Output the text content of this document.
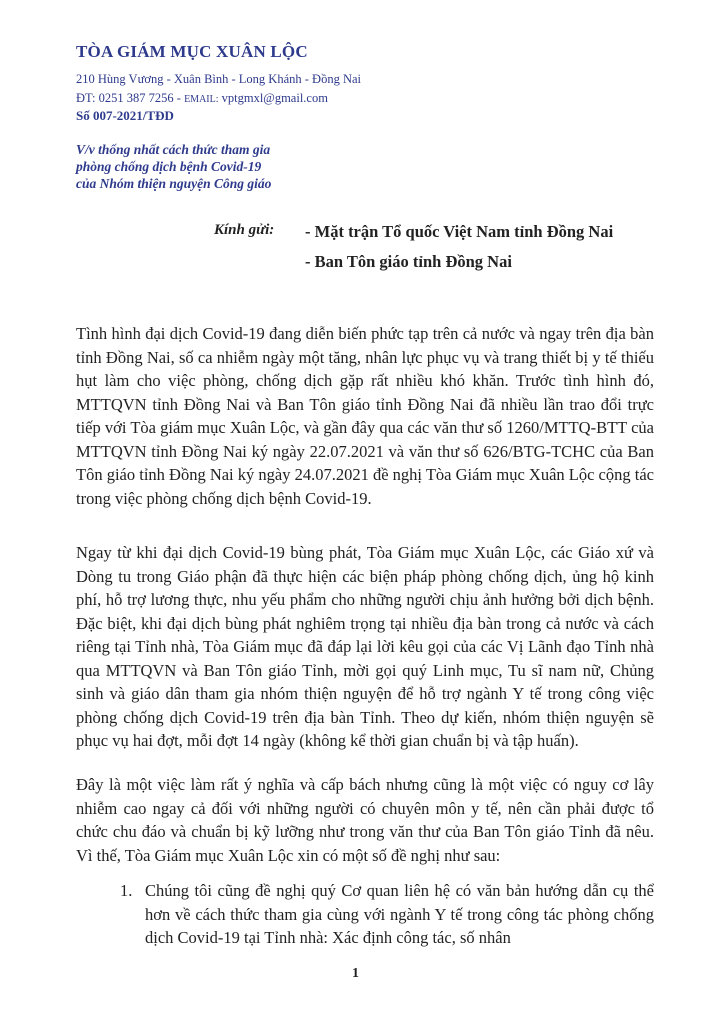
TÒA GIÁM MỤC XUÂN LỘC
210 Hùng Vương - Xuân Bình - Long Khánh - Đồng Nai
ĐT: 0251 387 7256 - EMAIL: vptgmxl@gmail.com
Số 007-2021/TĐD
V/v thống nhất cách thức tham gia
phòng chống dịch bệnh Covid-19
của Nhóm thiện nguyện Công giáo
Kính gửi:	- Mặt trận Tổ quốc Việt Nam tỉnh Đồng Nai
- Ban Tôn giáo tỉnh Đồng Nai

Tình hình đại dịch Covid-19 đang diễn biến phức tạp trên cả nước và ngay trên địa bàn tỉnh Đồng Nai, số ca nhiễm ngày một tăng, nhân lực phục vụ và trang thiết bị y tế thiếu hụt làm cho việc phòng, chống dịch gặp rất nhiều khó khăn. Trước tình hình đó, MTTQVN tỉnh Đồng Nai và Ban Tôn giáo tỉnh Đồng Nai đã nhiều lần trao đổi trực tiếp với Tòa giám mục Xuân Lộc, và gần đây qua các văn thư số 1260/MTTQ-BTT của MTTQVN tỉnh Đồng Nai ký ngày 22.07.2021 và văn thư số 626/BTG-TCHC của Ban Tôn giáo tỉnh Đồng Nai ký ngày 24.07.2021 đề nghị Tòa Giám mục Xuân Lộc cộng tác trong việc phòng chống dịch bệnh Covid-19.

Ngay từ khi đại dịch Covid-19 bùng phát, Tòa Giám mục Xuân Lộc, các Giáo xứ và Dòng tu trong Giáo phận đã thực hiện các biện pháp phòng chống dịch, ủng hộ kinh phí, hỗ trợ lương thực, nhu yếu phẩm cho những người chịu ảnh hưởng bởi dịch bệnh. Đặc biệt, khi đại dịch bùng phát nghiêm trọng tại nhiều địa bàn trong cả nước và cách riêng tại Tỉnh nhà, Tòa Giám mục đã đáp lại lời kêu gọi của các Vị Lãnh đạo Tỉnh nhà qua MTTQVN và Ban Tôn giáo Tỉnh, mời gọi quý Linh mục, Tu sĩ nam nữ, Chủng sinh và giáo dân tham gia nhóm thiện nguyện để hỗ trợ ngành Y tế trong công việc phòng chống dịch Covid-19 trên địa bàn Tỉnh. Theo dự kiến, nhóm thiện nguyện sẽ phục vụ hai đợt, mỗi đợt 14 ngày (không kể thời gian chuẩn bị và tập huấn).

Đây là một việc làm rất ý nghĩa và cấp bách nhưng cũng là một việc có nguy cơ lây nhiễm cao ngay cả đối với những người có chuyên môn y tế, nên cần phải được tổ chức chu đáo và chuẩn bị kỹ lưỡng như trong văn thư của Ban Tôn giáo Tỉnh đã nêu. Vì thế, Tòa Giám mục Xuân Lộc xin có một số đề nghị như sau:

1. Chúng tôi cũng đề nghị quý Cơ quan liên hệ có văn bản hướng dẫn cụ thể hơn về cách thức tham gia cùng với ngành Y tế trong công tác phòng chống dịch Covid-19 tại Tỉnh nhà: Xác định công tác, số nhân
1
